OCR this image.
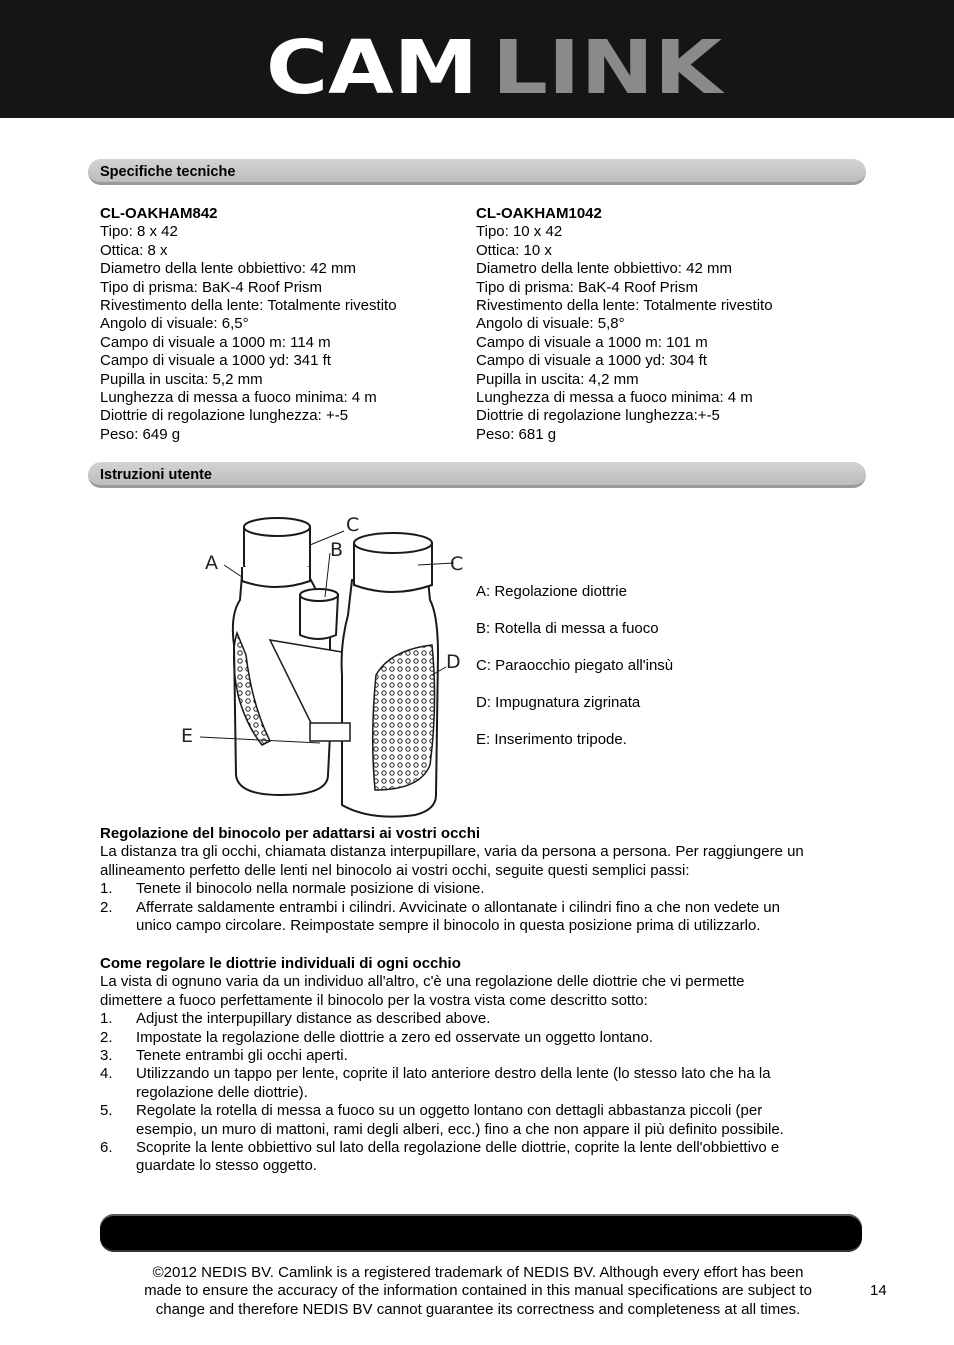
CAM LINK
Specifiche tecniche
CL-OAKHAM842
Tipo: 8 x 42
Ottica: 8 x
Diametro della lente obbiettivo: 42 mm
Tipo di prisma: BaK-4 Roof Prism
Rivestimento della lente: Totalmente rivestito
Angolo di visuale: 6,5°
Campo di visuale a 1000 m: 114 m
Campo di visuale a 1000 yd: 341 ft
Pupilla in uscita: 5,2 mm
Lunghezza di messa a fuoco minima: 4 m
Diottrie di regolazione lunghezza: +-5
Peso: 649 g
CL-OAKHAM1042
Tipo: 10 x 42
Ottica: 10 x
Diametro della lente obbiettivo: 42 mm
Tipo di prisma: BaK-4 Roof Prism
Rivestimento della lente: Totalmente rivestito
Angolo di visuale: 5,8°
Campo di visuale a 1000 m: 101 m
Campo di visuale a 1000 yd: 304 ft
Pupilla in uscita: 4,2 mm
Lunghezza di messa a fuoco minima: 4 m
Diottrie di regolazione lunghezza:+-5
Peso: 681 g
Istruzioni utente
A
B
C
C
D
E
A: Regolazione diottrie
B: Rotella di messa a fuoco
C: Paraocchio piegato all'insù
D: Impugnatura zigrinata
E: Inserimento tripode.

Regolazione del binocolo per adattarsi ai vostri occhi

La distanza tra gli occhi, chiamata distanza interpupillare, varia da persona a persona. Per raggiungere un

allineamento perfetto delle lenti nel binocolo ai vostri occhi, seguite questi semplici passi:

1. Tenete il binocolo nella normale posizione di visione.

2. Afferrate saldamente entrambi i cilindri. Avvicinate o allontanate i cilindri fino a che non vedete un

unico campo circolare. Reimpostate sempre il binocolo in questa posizione prima di utilizzarlo.

Come regolare le diottrie individuali di ogni occhio

La vista di ognuno varia da un individuo all'altro, c'è una regolazione delle diottrie che vi permette

dimettere a fuoco perfettamente il binocolo per la vostra vista come descritto sotto:

1. Adjust the interpupillary distance as described above.

2. Impostate la regolazione delle diottrie a zero ed osservate un oggetto lontano.

3. Tenete entrambi gli occhi aperti.

4. Utilizzando un tappo per lente, coprite il lato anteriore destro della lente (lo stesso lato che ha la

regolazione delle diottrie).

5. Regolate la rotella di messa a fuoco su un oggetto lontano con dettagli abbastanza piccoli (per

esempio, un muro di mattoni, rami degli alberi, ecc.) fino a che non appare il più definito possibile.

6. Scoprite la lente obbiettivo sul lato della regolazione delle diottrie, coprite la lente dell'obbiettivo e

guardate lo stesso oggetto.

©2012 NEDIS BV. Camlink is a registered trademark of NEDIS BV. Although every effort has been
made to ensure the accuracy of the information contained in this manual specifications are subject to
change and therefore NEDIS BV cannot guarantee its correctness and completeness at all times.
14
